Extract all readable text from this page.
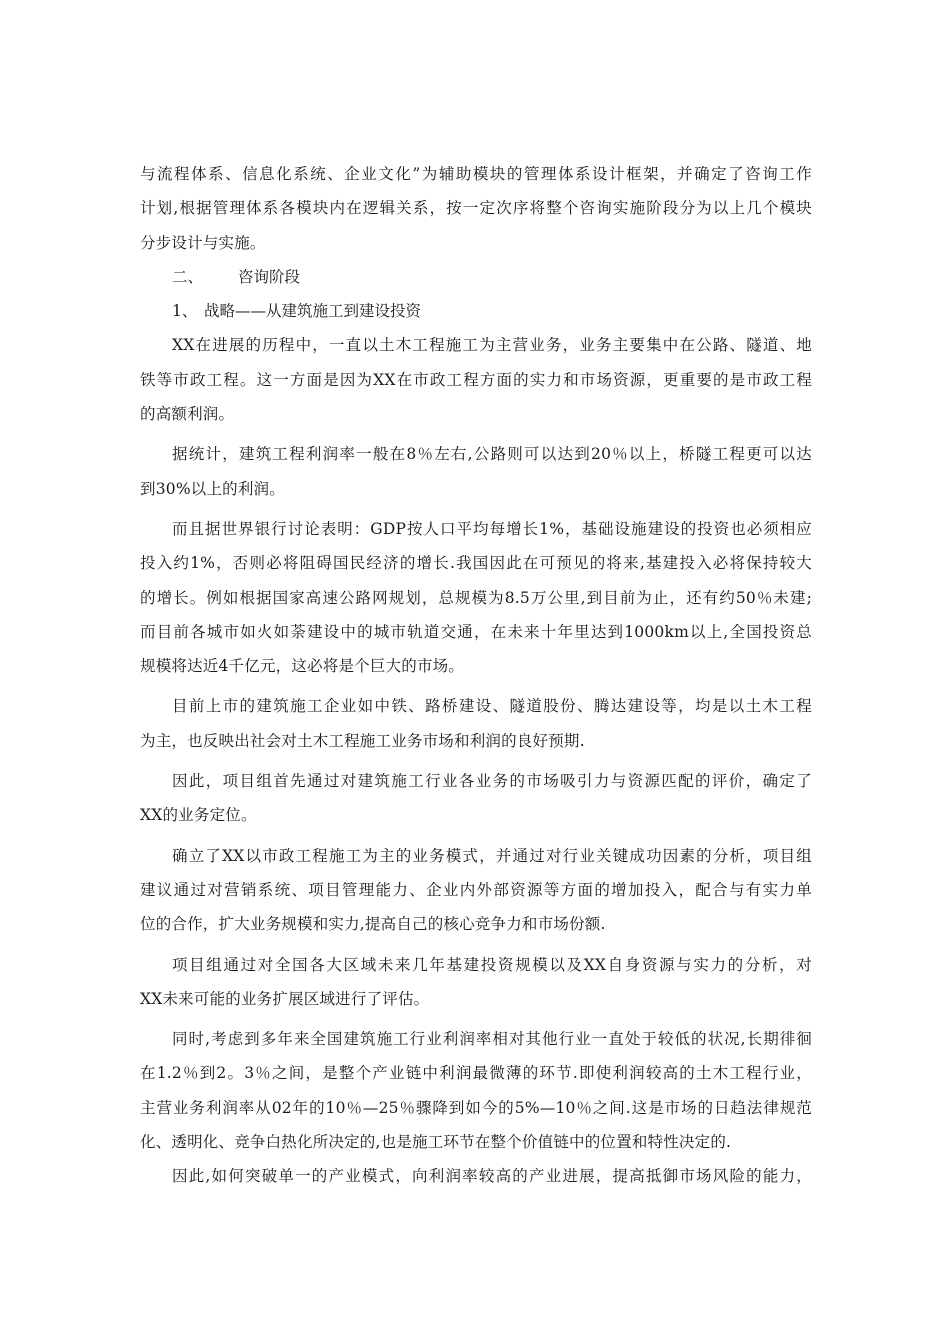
与流程体系、信息化系统、企业文化”为辅助模块的管理体系设计框架，并确定了咨询工作
计划,根据管理体系各模块内在逻辑关系，按一定次序将整个咨询实施阶段分为以上几个模块
分步设计与实施。
二、 咨询阶段
1、 战略——从建筑施工到建设投资
XX在进展的历程中，一直以土木工程施工为主营业务，业务主要集中在公路、隧道、地
铁等市政工程。这一方面是因为XX在市政工程方面的实力和市场资源，更重要的是市政工程
的高额利润。
据统计，建筑工程利润率一般在8％左右,公路则可以达到20％以上，桥隧工程更可以达
到30%以上的利润。
而且据世界银行讨论表明：GDP按人口平均每增长1%，基础设施建设的投资也必须相应
投入约1%，否则必将阻碍国民经济的增长.我国因此在可预见的将来,基建投入必将保持较大
的增长。例如根据国家高速公路网规划，总规模为8.5万公里,到目前为止，还有约50％未建;
而目前各城市如火如荼建设中的城市轨道交通，在未来十年里达到1000km以上,全国投资总
规模将达近4千亿元，这必将是个巨大的市场。
目前上市的建筑施工企业如中铁、路桥建设、隧道股份、腾达建设等，均是以土木工程
为主，也反映出社会对土木工程施工业务市场和利润的良好预期.
因此，项目组首先通过对建筑施工行业各业务的市场吸引力与资源匹配的评价，确定了
XX的业务定位。
确立了XX以市政工程施工为主的业务模式，并通过对行业关键成功因素的分析，项目组
建议通过对营销系统、项目管理能力、企业内外部资源等方面的增加投入，配合与有实力单
位的合作，扩大业务规模和实力,提高自己的核心竞争力和市场份额.
项目组通过对全国各大区域未来几年基建投资规模以及XX自身资源与实力的分析，对
XX未来可能的业务扩展区域进行了评估。
同时,考虑到多年来全国建筑施工行业利润率相对其他行业一直处于较低的状况,长期徘徊
在1.2％到2。3％之间，是整个产业链中利润最微薄的环节.即使利润较高的土木工程行业，
主营业务利润率从02年的10％—25％骤降到如今的5%—10％之间.这是市场的日趋法律规范
化、透明化、竞争白热化所决定的,也是施工环节在整个价值链中的位置和特性决定的.
因此,如何突破单一的产业模式，向利润率较高的产业进展，提高抵御市场风险的能力，
